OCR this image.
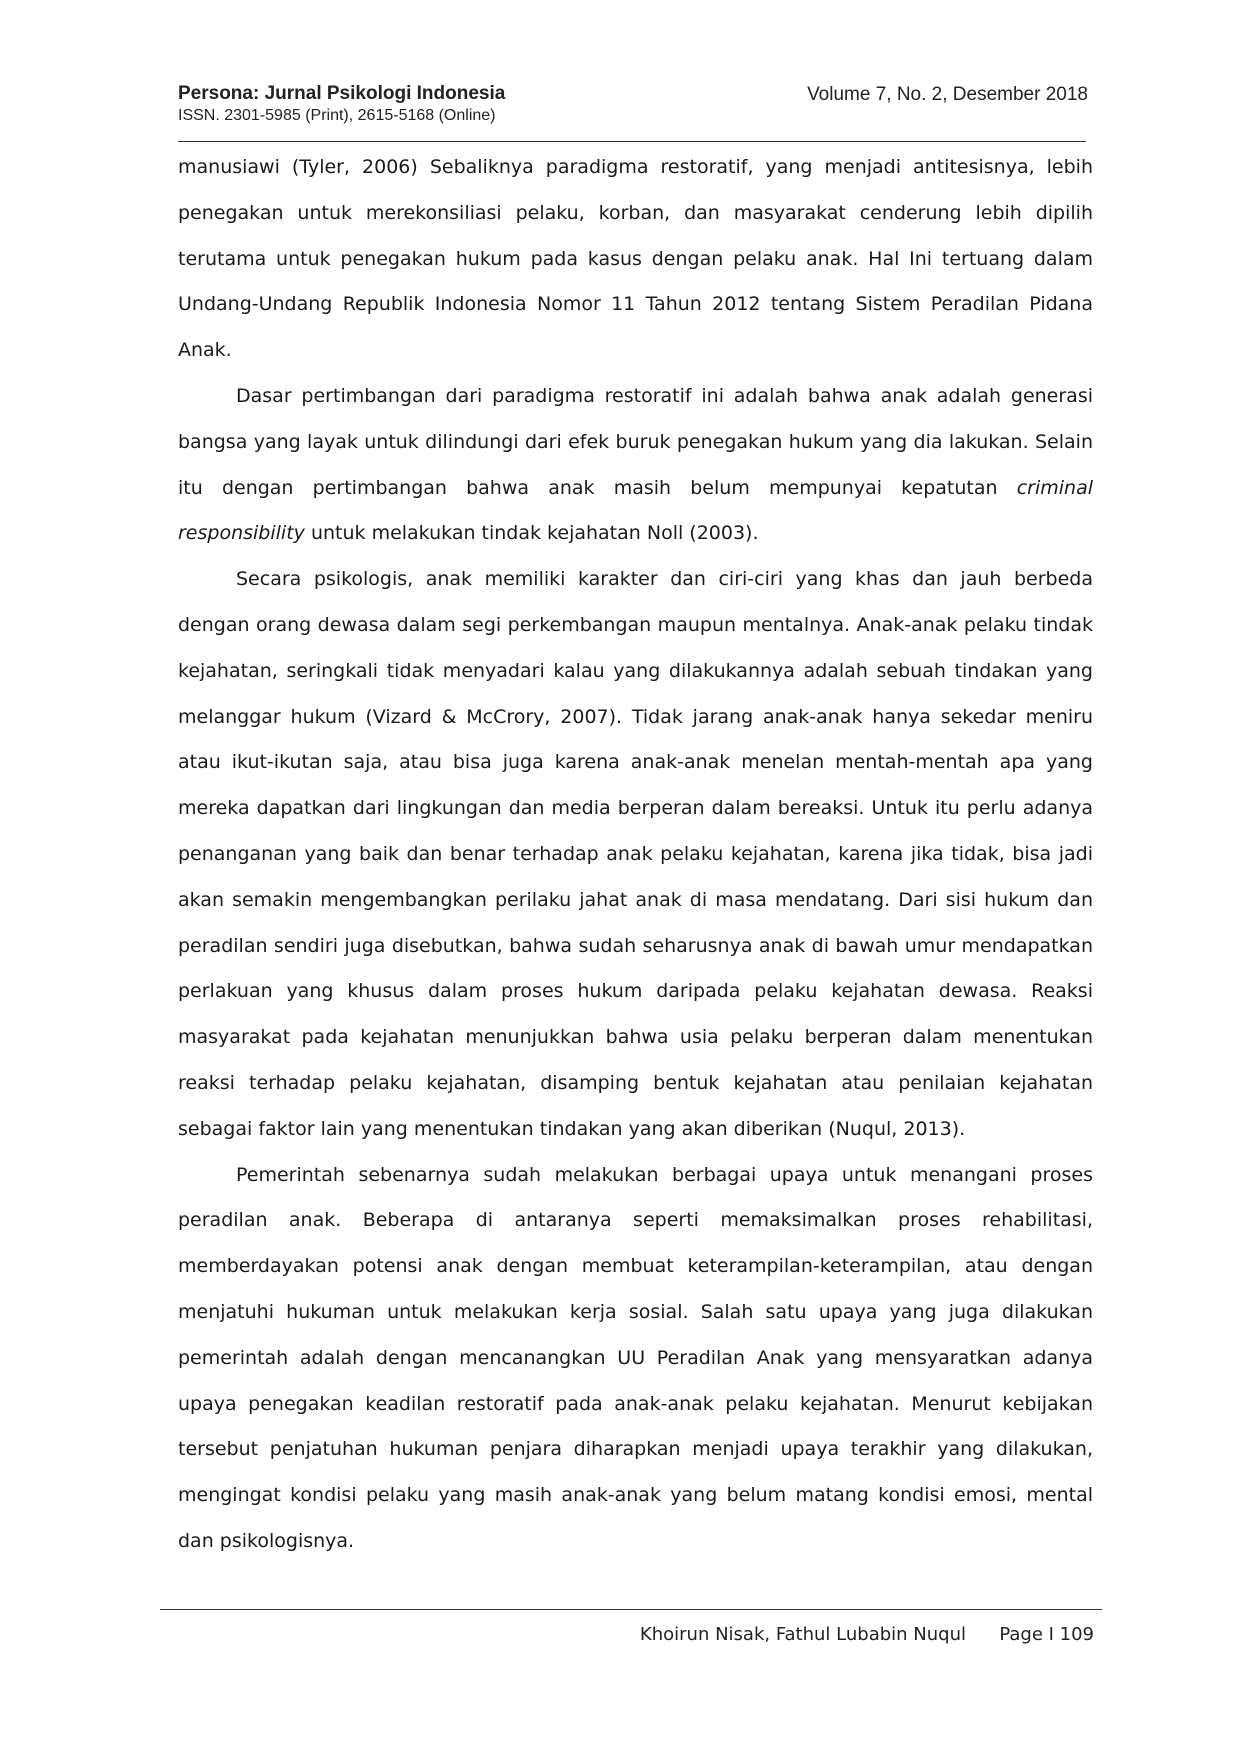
Persona: Jurnal Psikologi Indonesia
ISSN. 2301-5985 (Print), 2615-5168 (Online)
Volume 7, No. 2, Desember 2018

manusiawi (Tyler, 2006) Sebaliknya paradigma restoratif, yang menjadi antitesisnya, lebih penegakan untuk merekonsiliasi pelaku, korban, dan masyarakat cenderung lebih dipilih terutama untuk penegakan hukum pada kasus dengan pelaku anak. Hal Ini tertuang dalam Undang-Undang Republik Indonesia Nomor 11 Tahun 2012 tentang Sistem Peradilan Pidana Anak.

Dasar pertimbangan dari paradigma restoratif ini adalah bahwa anak adalah generasi bangsa yang layak untuk dilindungi dari efek buruk penegakan hukum yang dia lakukan. Selain itu dengan pertimbangan bahwa anak masih belum mempunyai kepatutan criminal responsibility untuk melakukan tindak kejahatan Noll (2003).

Secara psikologis, anak memiliki karakter dan ciri-ciri yang khas dan jauh berbeda dengan orang dewasa dalam segi perkembangan maupun mentalnya. Anak-anak pelaku tindak kejahatan, seringkali tidak menyadari kalau yang dilakukannya adalah sebuah tindakan yang melanggar hukum (Vizard & McCrory, 2007). Tidak jarang anak-anak hanya sekedar meniru atau ikut-ikutan saja, atau bisa juga karena anak-anak menelan mentah-mentah apa yang mereka dapatkan dari lingkungan dan media berperan dalam bereaksi. Untuk itu perlu adanya penanganan yang baik dan benar terhadap anak pelaku kejahatan, karena jika tidak, bisa jadi akan semakin mengembangkan perilaku jahat anak di masa mendatang. Dari sisi hukum dan peradilan sendiri juga disebutkan, bahwa sudah seharusnya anak di bawah umur mendapatkan perlakuan yang khusus dalam proses hukum daripada pelaku kejahatan dewasa. Reaksi masyarakat pada kejahatan menunjukkan bahwa usia pelaku berperan dalam menentukan reaksi terhadap pelaku kejahatan, disamping bentuk kejahatan atau penilaian kejahatan sebagai faktor lain yang menentukan tindakan yang akan diberikan (Nuqul, 2013).

Pemerintah sebenarnya sudah melakukan berbagai upaya untuk menangani proses peradilan anak. Beberapa di antaranya seperti memaksimalkan proses rehabilitasi, memberdayakan potensi anak dengan membuat keterampilan-keterampilan, atau dengan menjatuhi hukuman untuk melakukan kerja sosial. Salah satu upaya yang juga dilakukan pemerintah adalah dengan mencanangkan UU Peradilan Anak yang mensyaratkan adanya upaya penegakan keadilan restoratif pada anak-anak pelaku kejahatan. Menurut kebijakan tersebut penjatuhan hukuman penjara diharapkan menjadi upaya terakhir yang dilakukan, mengingat kondisi pelaku yang masih anak-anak yang belum matang kondisi emosi, mental dan psikologisnya.

Khoirun Nisak, Fathul Lubabin Nuqul Page I 109
